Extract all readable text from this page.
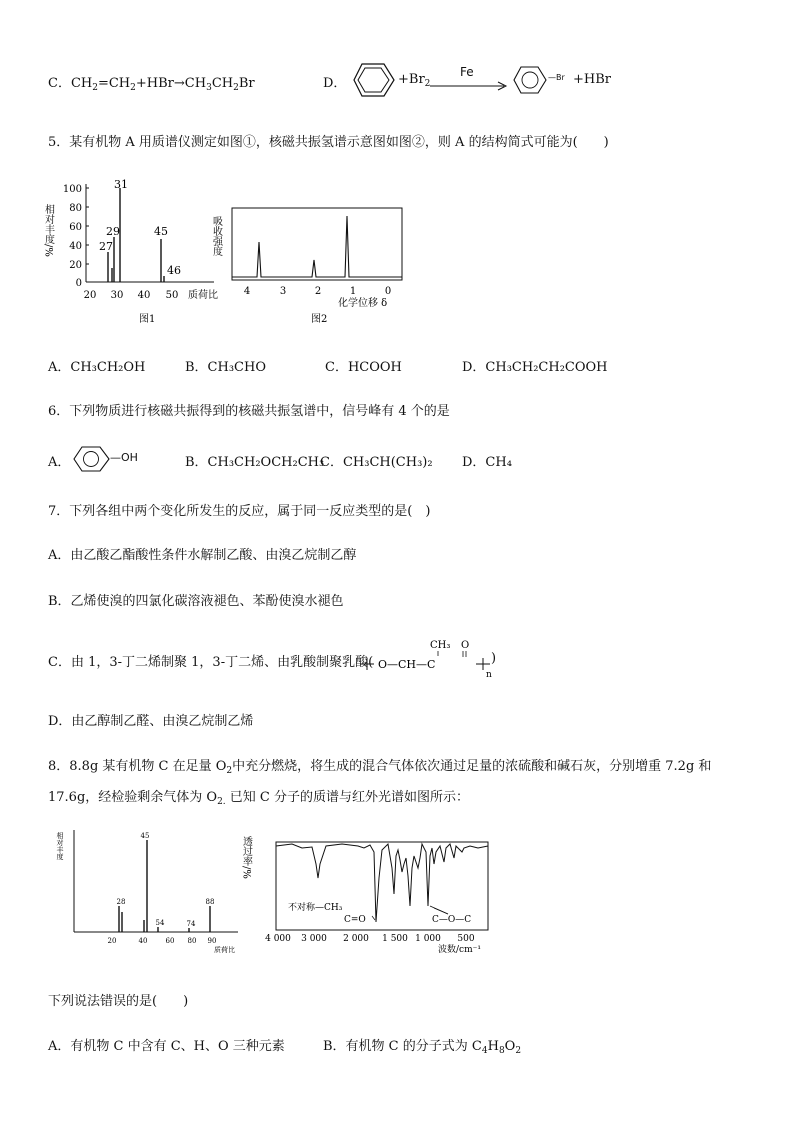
C．$CH_2=CH_2+HBr\to CH_3CH_2Br$	D．	$+Br_2$
Fe	—Br +HBr
5．某有机物 A 用质谱仪测定如图①，核磁共振氢谱示意图如图②，则 A 的结构简式可能为(　　)
相对丰度/%
0
20
40
60
80
100
27
29
31
45
46
20 30 40 50 质荷比
图1
吸收强度
4	3	2	1	0
化学位移 δ
图2
A．CH₃CH₂OH	B．CH₃CHO	C．HCOOH	D．CH₃CH₂CH₂COOH
6．下列物质进行核磁共振得到的核磁共振氢谱中，信号峰有 4 个的是
A．	—OH	B．CH₃CH₂OCH₂CH₃
C．CH₃CH(CH₃)₂ D．CH₄
7．下列各组中两个变化所发生的反应，属于同一反应类型的是(　)
A．由乙酸乙酯酸性条件水解制乙酸、由溴乙烷制乙醇
B．乙烯使溴的四氯化碳溶液褪色、苯酚使溴水褪色
C．由 1，3-丁二烯制聚 1，3-丁二烯、由乳酸制聚乳酸(
CH₃ O
O—CH—C
n
)
D．由乙醇制乙醛、由溴乙烷制乙烯
8．8.8g 某有机物 C 在足量 $O_2$中充分燃烧，将生成的混合气体依次通过足量的浓硫酸和碱石灰，分别增重 7.2g 和
17.6g，经检验剩余气体为 $O_{2.}$ 已知 C 分子的质谱与红外光谱如图所示：
相对丰度	45
28
54	74
88
20	40	60 80 90
质荷比
透过率/%
不对称—CH₃
C=O	C—O—C
4 000 3 000 2 000 1 500 1 000 500
波数/cm⁻¹
下列说法错误的是(　　)
A．有机物 C 中含有 C、H、O 三种元素	B．有机物 C 的分子式为 $C_4H_8O_2$
